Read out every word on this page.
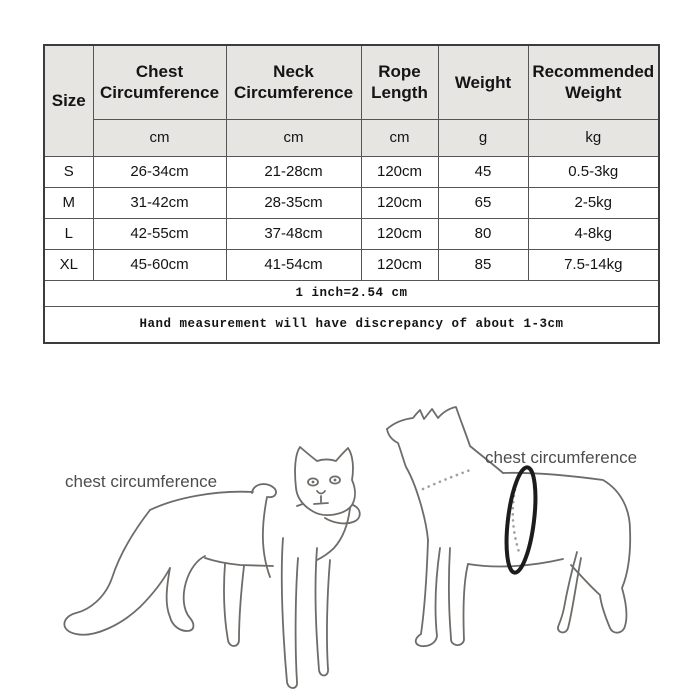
Size	Chest Circumference	Neck Circumference	Rope Length	Weight	Recommended Weight
	cm	cm	cm	g	kg
S	26-34cm	21-28cm	120cm	45	0.5-3kg
M	31-42cm	28-35cm	120cm	65	2-5kg
L	42-55cm	37-48cm	120cm	80	4-8kg
XL	45-60cm	41-54cm	120cm	85	7.5-14kg
1 inch=2.54 cm					
Hand measurement will have discrepancy of about 1-3cm					
chest circumference
chest circumference
